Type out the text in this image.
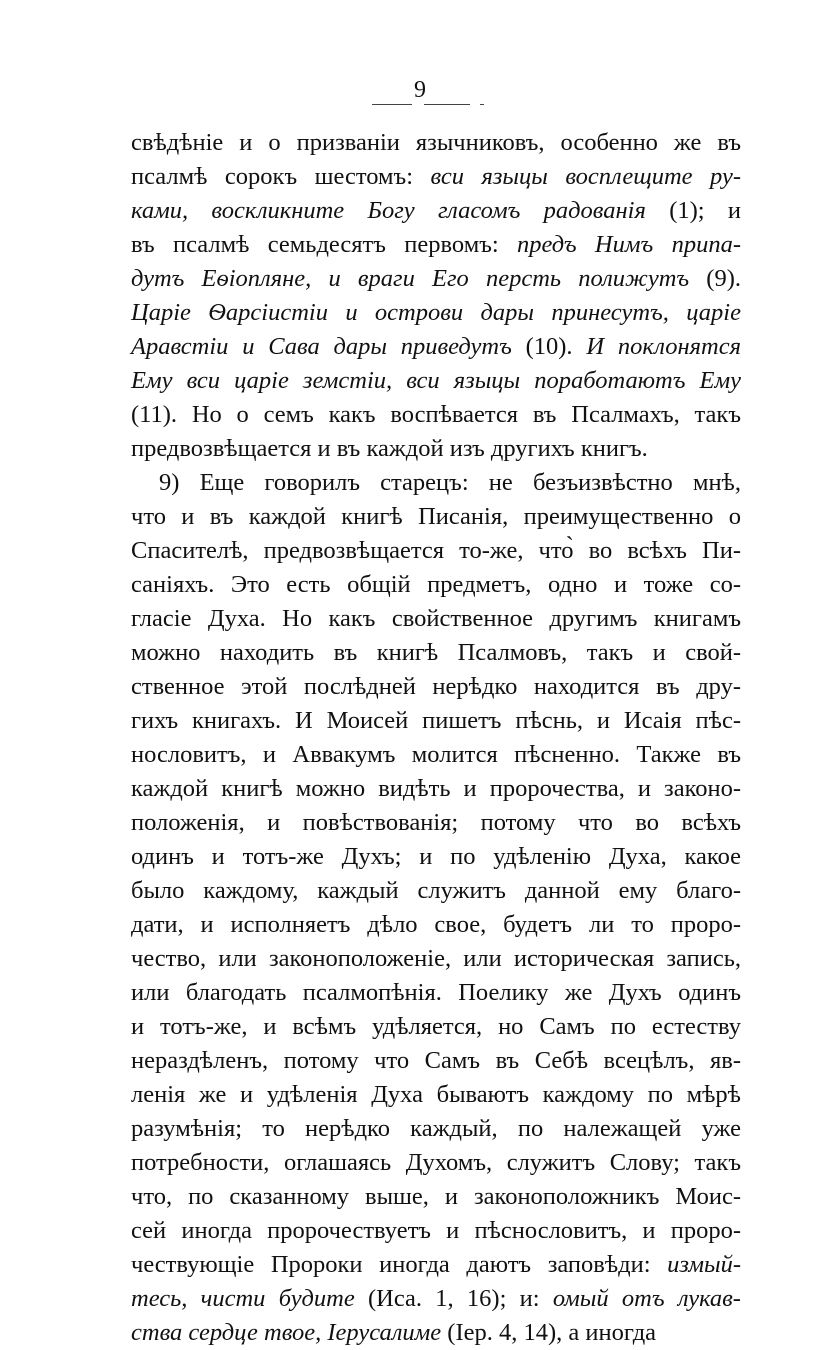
9
свѣдѣніе и о призваніи язычниковъ, особенно же въ
псалмѣ сорокъ шестомъ: вси языцы восплещите ру-
ками, воскликните Богу гласомъ радованія (1); и
въ псалмѣ семьдесятъ первомъ: предъ Нимъ припа-
дутъ Еѳіопляне, и враги Его персть полижутъ (9).
Царіе Ѳарсіистіи и острови дары принесутъ, царіе
Аравстіи и Сава дары приведутъ (10). И поклонятся
Ему вси царіе земстіи, вси языцы поработаютъ Ему
(11). Но о семъ какъ воспѣвается въ Псалмахъ, такъ
предвозвѣщается и въ каждой изъ другихъ книгъ.
9) Еще говорилъ старецъ: не безъизвѣстно мнѣ,
что и въ каждой книгѣ Писанія, преимущественно о
Спасителѣ, предвозвѣщается то-же, что̀ во всѣхъ Пи-
саніяхъ. Это есть общій предметъ, одно и тоже со-
гласіе Духа. Но какъ свойственное другимъ книгамъ
можно находить въ книгѣ Псалмовъ, такъ и свой-
ственное этой послѣдней нерѣдко находится въ дру-
гихъ книгахъ. И Моисей пишетъ пѣснь, и Исаія пѣс-
нословитъ, и Аввакумъ молится пѣсненно. Также въ
каждой книгѣ можно видѣть и пророчества, и законо-
положенія, и повѣствованія; потому что во всѣхъ
одинъ и тотъ-же Духъ; и по удѣленію Духа, какое
было каждому, каждый служитъ данной ему благо-
дати, и исполняетъ дѣло свое, будетъ ли то проро-
чество, или законоположеніе, или историческая запись,
или благодать псалмопѣнія. Поелику же Духъ одинъ
и тотъ-же, и всѣмъ удѣляется, но Самъ по естеству
нераздѣленъ, потому что Самъ въ Себѣ всецѣлъ, яв-
ленія же и удѣленія Духа бываютъ каждому по мѣрѣ
разумѣнія; то нерѣдко каждый, по належащей уже
потребности, оглашаясь Духомъ, служитъ Слову; такъ
что, по сказанному выше, и законоположникъ Моис-
сей иногда пророчествуетъ и пѣснословитъ, и проро-
чествующіе Пророки иногда даютъ заповѣди: измый-
тесь, чисти будите (Иса. 1, 16); и: омый отъ лукав-
ства сердце твое, Іерусалиме (Іер. 4, 14), а иногда
